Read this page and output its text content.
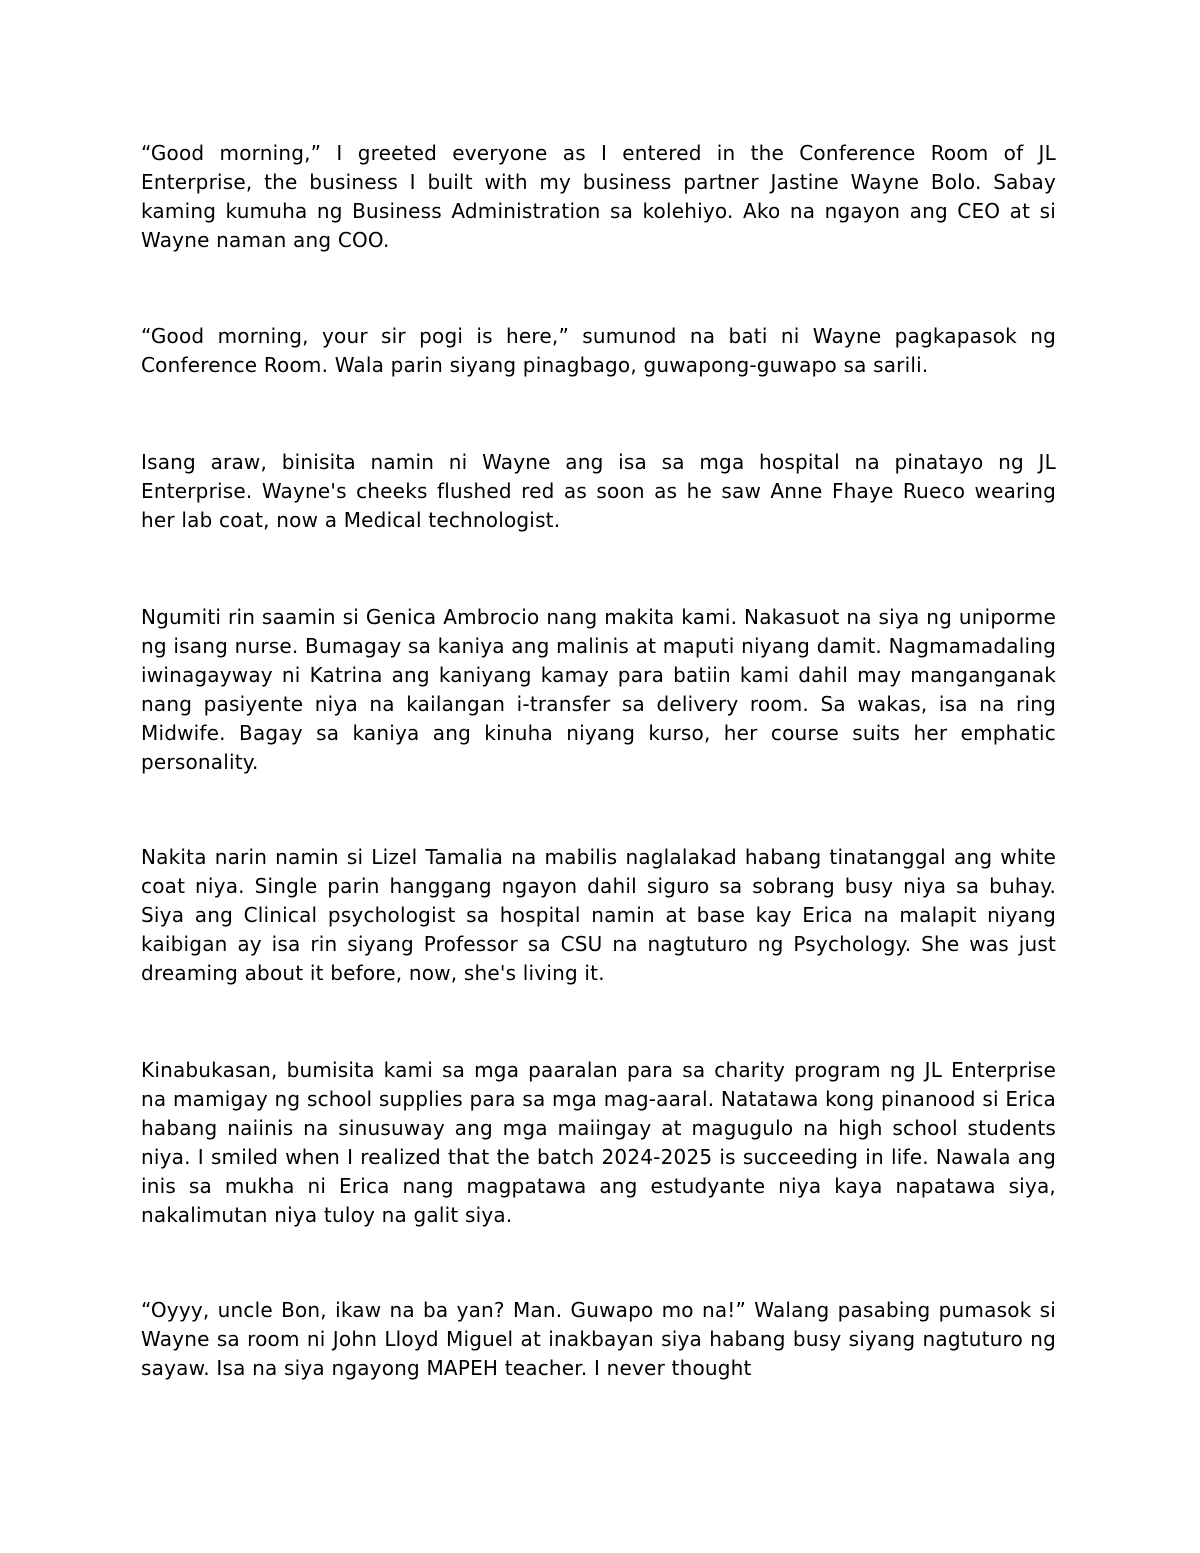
“Good morning,” I greeted everyone as I entered in the Conference Room of JL Enterprise, the business I built with my business partner Jastine Wayne Bolo. Sabay kaming kumuha ng Business Administration sa kolehiyo. Ako na ngayon ang CEO at si Wayne naman ang COO.

“Good morning, your sir pogi is here,” sumunod na bati ni Wayne pagkapasok ng Conference Room. Wala parin siyang pinagbago, guwapong-guwapo sa sarili.

Isang araw, binisita namin ni Wayne ang isa sa mga hospital na pinatayo ng JL Enterprise. Wayne's cheeks flushed red as soon as he saw Anne Fhaye Rueco wearing her lab coat, now a Medical technologist.

Ngumiti rin saamin si Genica Ambrocio nang makita kami. Nakasuot na siya ng uniporme ng isang nurse. Bumagay sa kaniya ang malinis at maputi niyang damit. Nagmamadaling iwinagayway ni Katrina ang kaniyang kamay para batiin kami dahil may manganganak nang pasiyente niya na kailangan i-transfer sa delivery room. Sa wakas, isa na ring Midwife. Bagay sa kaniya ang kinuha niyang kurso, her course suits her emphatic personality.

Nakita narin namin si Lizel Tamalia na mabilis naglalakad habang tinatanggal ang white coat niya. Single parin hanggang ngayon dahil siguro sa sobrang busy niya sa buhay. Siya ang Clinical psychologist sa hospital namin at base kay Erica na malapit niyang kaibigan ay isa rin siyang Professor sa CSU na nagtuturo ng Psychology. She was just dreaming about it before, now, she's living it.

Kinabukasan, bumisita kami sa mga paaralan para sa charity program ng JL Enterprise na mamigay ng school supplies para sa mga mag-aaral. Natatawa kong pinanood si Erica habang naiinis na sinusuway ang mga maiingay at magugulo na high school students niya. I smiled when I realized that the batch 2024-2025 is succeeding in life. Nawala ang inis sa mukha ni Erica nang magpatawa ang estudyante niya kaya napatawa siya, nakalimutan niya tuloy na galit siya.

“Oyyy, uncle Bon, ikaw na ba yan? Man. Guwapo mo na!” Walang pasabing pumasok si Wayne sa room ni John Lloyd Miguel at inakbayan siya habang busy siyang nagtuturo ng sayaw. Isa na siya ngayong MAPEH teacher. I never thought
